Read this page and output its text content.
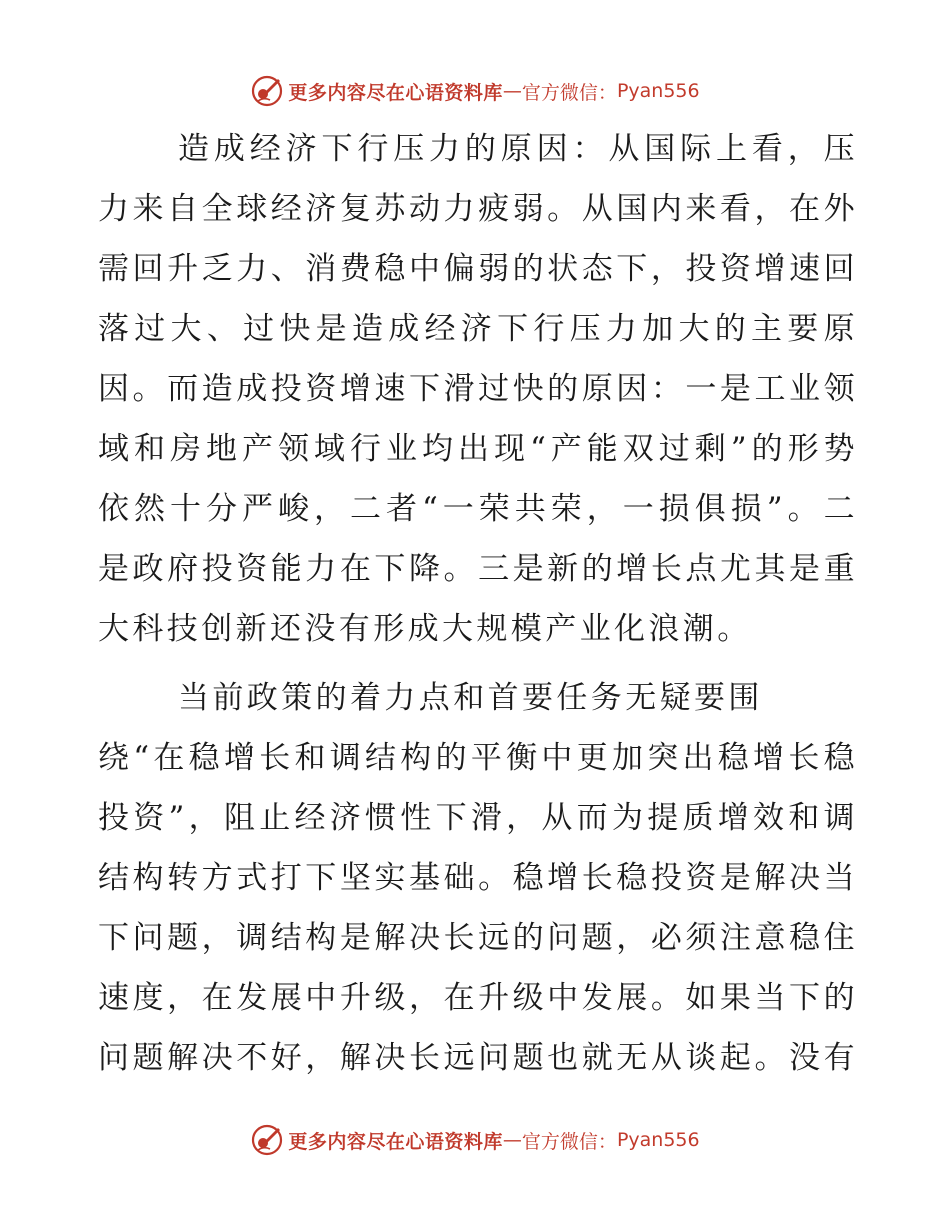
更多内容尽在心语资料库 — 官方微信： Pyan556
造成经济下行压力的原因：从国际上看，压
力来自全球经济复苏动力疲弱。从国内来看，在外
需回升乏力、消费稳中偏弱的状态下，投资增速回
落过大、过快是造成经济下行压力加大的主要原
因。而造成投资增速下滑过快的原因：一是工业领
域和房地产领域行业均出现“产能双过剩”的形势
依然十分严峻，二者“一荣共荣，一损俱损”。二
是政府投资能力在下降。三是新的增长点尤其是重
大科技创新还没有形成大规模产业化浪潮。
当前政策的着力点和首要任务无疑要围
绕“在稳增长和调结构的平衡中更加突出稳增长稳
投资”，阻止经济惯性下滑，从而为提质增效和调
结构转方式打下坚实基础。稳增长稳投资是解决当
下问题，调结构是解决长远的问题，必须注意稳住
速度，在发展中升级，在升级中发展。如果当下的
问题解决不好，解决长远问题也就无从谈起。没有
更多内容尽在心语资料库 — 官方微信： Pyan556
